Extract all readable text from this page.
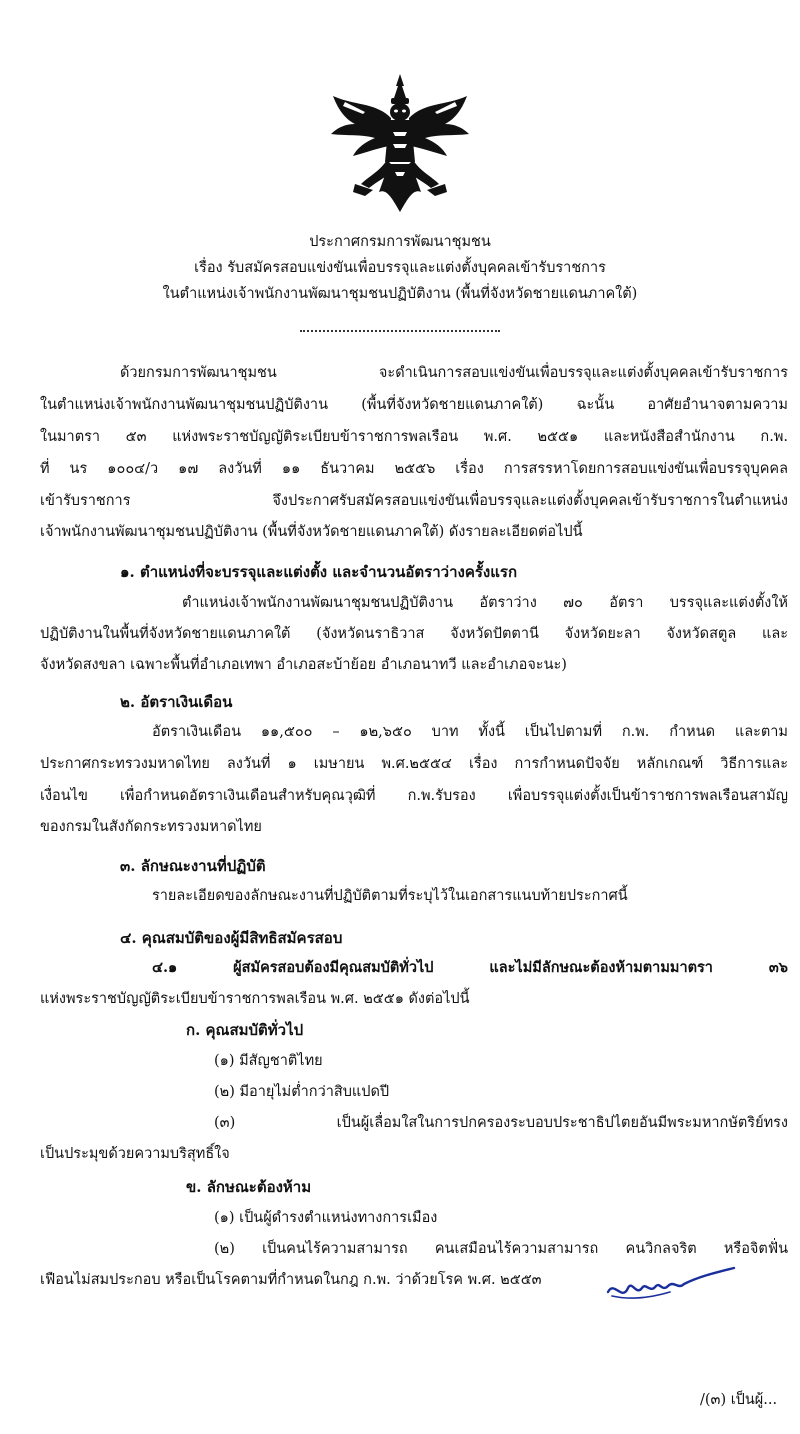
ประกาศกรมการพัฒนาชุมชน
เรื่อง รับสมัครสอบแข่งขันเพื่อบรรจุและแต่งตั้งบุคคลเข้ารับราชการ
ในตำแหน่งเจ้าพนักงานพัฒนาชุมชนปฏิบัติงาน (พื้นที่จังหวัดชายแดนภาคใต้)
ด้วยกรมการพัฒนาชุมชน จะดำเนินการสอบแข่งขันเพื่อบรรจุและแต่งตั้งบุคคลเข้ารับราชการ
ในตำแหน่งเจ้าพนักงานพัฒนาชุมชนปฏิบัติงาน (พื้นที่จังหวัดชายแดนภาคใต้) ฉะนั้น อาศัยอำนาจตามความ
ในมาตรา ๕๓ แห่งพระราชบัญญัติระเบียบข้าราชการพลเรือน พ.ศ. ๒๕๕๑ และหนังสือสำนักงาน ก.พ.
ที่ นร ๑๐๐๔/ว ๑๗ ลงวันที่ ๑๑ ธันวาคม ๒๕๕๖ เรื่อง การสรรหาโดยการสอบแข่งขันเพื่อบรรจุบุคคล
เข้ารับราชการ จึงประกาศรับสมัครสอบแข่งขันเพื่อบรรจุและแต่งตั้งบุคคลเข้ารับราชการในตำแหน่ง
เจ้าพนักงานพัฒนาชุมชนปฏิบัติงาน (พื้นที่จังหวัดชายแดนภาคใต้) ดังรายละเอียดต่อไปนี้
๑. ตำแหน่งที่จะบรรจุและแต่งตั้ง และจำนวนอัตราว่างครั้งแรก
ตำแหน่งเจ้าพนักงานพัฒนาชุมชนปฏิบัติงาน อัตราว่าง ๗๐ อัตรา บรรจุและแต่งตั้งให้
ปฏิบัติงานในพื้นที่จังหวัดชายแดนภาคใต้ (จังหวัดนราธิวาส จังหวัดปัตตานี จังหวัดยะลา จังหวัดสตูล และ
จังหวัดสงขลา เฉพาะพื้นที่อำเภอเทพา อำเภอสะบ้าย้อย อำเภอนาทวี และอำเภอจะนะ)
๒. อัตราเงินเดือน
อัตราเงินเดือน ๑๑,๕๐๐ – ๑๒,๖๕๐ บาท ทั้งนี้ เป็นไปตามที่ ก.พ. กำหนด และตาม
ประกาศกระทรวงมหาดไทย ลงวันที่ ๑ เมษายน พ.ศ.๒๕๕๔ เรื่อง การกำหนดปัจจัย หลักเกณฑ์ วิธีการและ
เงื่อนไข เพื่อกำหนดอัตราเงินเดือนสำหรับคุณวุฒิที่ ก.พ.รับรอง เพื่อบรรจุแต่งตั้งเป็นข้าราชการพลเรือนสามัญ
ของกรมในสังกัดกระทรวงมหาดไทย
๓. ลักษณะงานที่ปฏิบัติ
รายละเอียดของลักษณะงานที่ปฏิบัติตามที่ระบุไว้ในเอกสารแนบท้ายประกาศนี้
๔. คุณสมบัติของผู้มีสิทธิสมัครสอบ
๔.๑ ผู้สมัครสอบต้องมีคุณสมบัติทั่วไป และไม่มีลักษณะต้องห้ามตามมาตรา ๓๖
แห่งพระราชบัญญัติระเบียบข้าราชการพลเรือน พ.ศ. ๒๕๕๑ ดังต่อไปนี้
ก. คุณสมบัติทั่วไป
(๑) มีสัญชาติไทย
(๒) มีอายุไม่ต่ำกว่าสิบแปดปี
(๓) เป็นผู้เลื่อมใสในการปกครองระบอบประชาธิปไตยอันมีพระมหากษัตริย์ทรง
เป็นประมุขด้วยความบริสุทธิ์ใจ
ข. ลักษณะต้องห้าม
(๑) เป็นผู้ดำรงตำแหน่งทางการเมือง
(๒) เป็นคนไร้ความสามารถ คนเสมือนไร้ความสามารถ คนวิกลจริต หรือจิตฟั่น
เฟือนไม่สมประกอบ หรือเป็นโรคตามที่กำหนดในกฎ ก.พ. ว่าด้วยโรค พ.ศ. ๒๕๕๓
/(๓) เป็นผู้...
